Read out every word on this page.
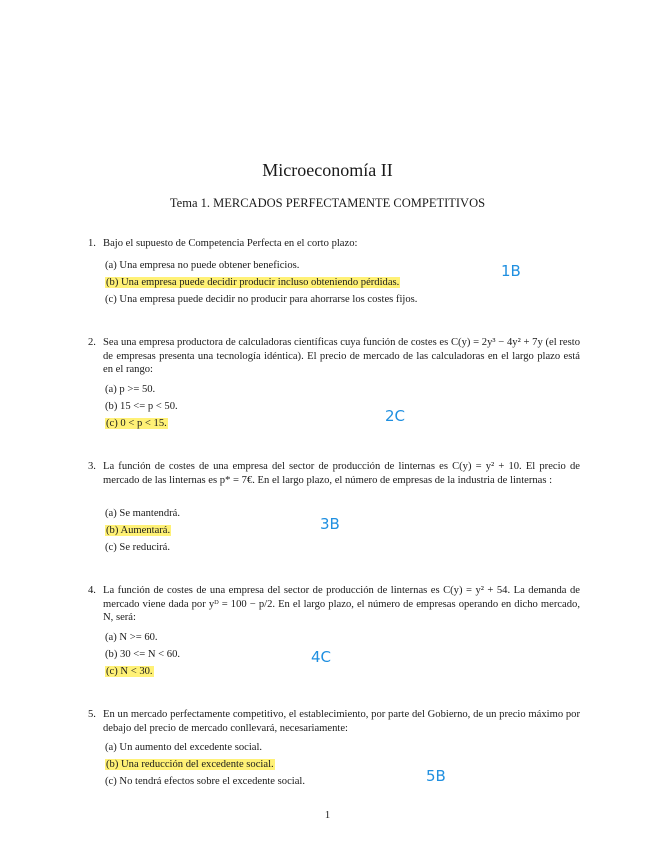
Microeconomía II
Tema 1. MERCADOS PERFECTAMENTE COMPETITIVOS
1. Bajo el supuesto de Competencia Perfecta en el corto plazo:
(a) Una empresa no puede obtener beneficios.
(b) Una empresa puede decidir producir incluso obteniendo pérdidas.
(c) Una empresa puede decidir no producir para ahorrarse los costes fijos.
1B
2. Sea una empresa productora de calculadoras científicas cuya función de costes es C(y) = 2y³ − 4y² + 7y (el resto de empresas presenta una tecnología idéntica). El precio de mercado de las calculadoras en el largo plazo está en el rango:
(a) p >= 50.
(b) 15 <= p < 50.
(c) 0 < p < 15.	2C
3. La función de costes de una empresa del sector de producción de linternas es C(y) = y² + 10. El precio de mercado de las linternas es p* = 7€. En el largo plazo, el número de empresas de la industria de linternas :
(a) Se mantendrá.
(b) Aumentará.
(c) Se reducirá.
3B
4. La función de costes de una empresa del sector de producción de linternas es C(y) = y² + 54. La demanda de mercado viene dada por yᴰ = 100 − p/2. En el largo plazo, el número de empresas operando en dicho mercado, N, será:
(a) N >= 60.
(b) 30 <= N < 60.
(c) N < 30.
4C
5. En un mercado perfectamente competitivo, el establecimiento, por parte del Gobierno, de un precio máximo por debajo del precio de mercado conllevará, necesariamente:
(a) Un aumento del excedente social.
(b) Una reducción del excedente social.
(c) No tendrá efectos sobre el excedente social.	5B
1
